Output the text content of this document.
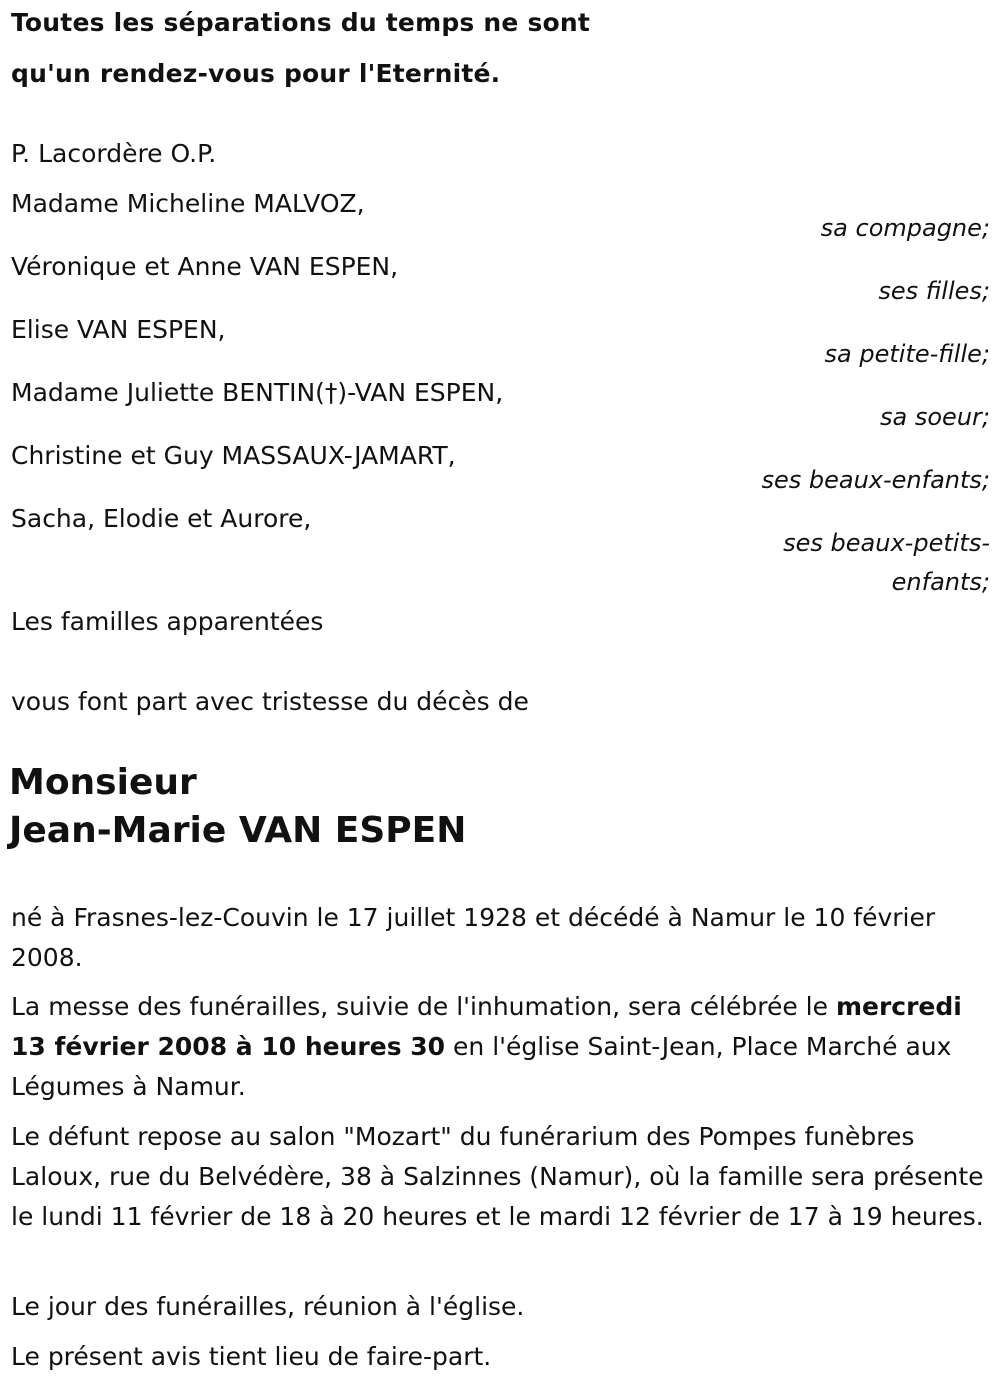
Toutes les séparations du temps ne sont
qu'un rendez-vous pour l'Eternité.
P. Lacordère O.P.
Madame Micheline MALVOZ,
sa compagne;
Véronique et Anne VAN ESPEN,
ses filles;
Elise VAN ESPEN,
sa petite-fille;
Madame Juliette BENTIN(†)-VAN ESPEN,
sa soeur;
Christine et Guy MASSAUX-JAMART,
ses beaux-enfants;
Sacha, Elodie et Aurore,
ses beaux-petits-
enfants;
Les familles apparentées
vous font part avec tristesse du décès de
Monsieur
Jean-Marie VAN ESPEN
né à Frasnes-lez-Couvin le 17 juillet 1928 et décédé à Namur le 10 février 2008.
La messe des funérailles, suivie de l'inhumation, sera célébrée le mercredi 13 février 2008 à 10 heures 30 en l'église Saint-Jean, Place Marché aux Légumes à Namur.
Le défunt repose au salon "Mozart" du funérarium des Pompes funèbres Laloux, rue du Belvédère, 38 à Salzinnes (Namur), où la famille sera présente le lundi 11 février de 18 à 20 heures et le mardi 12 février de 17 à 19 heures.
Le jour des funérailles, réunion à l'église.
Le présent avis tient lieu de faire-part.
